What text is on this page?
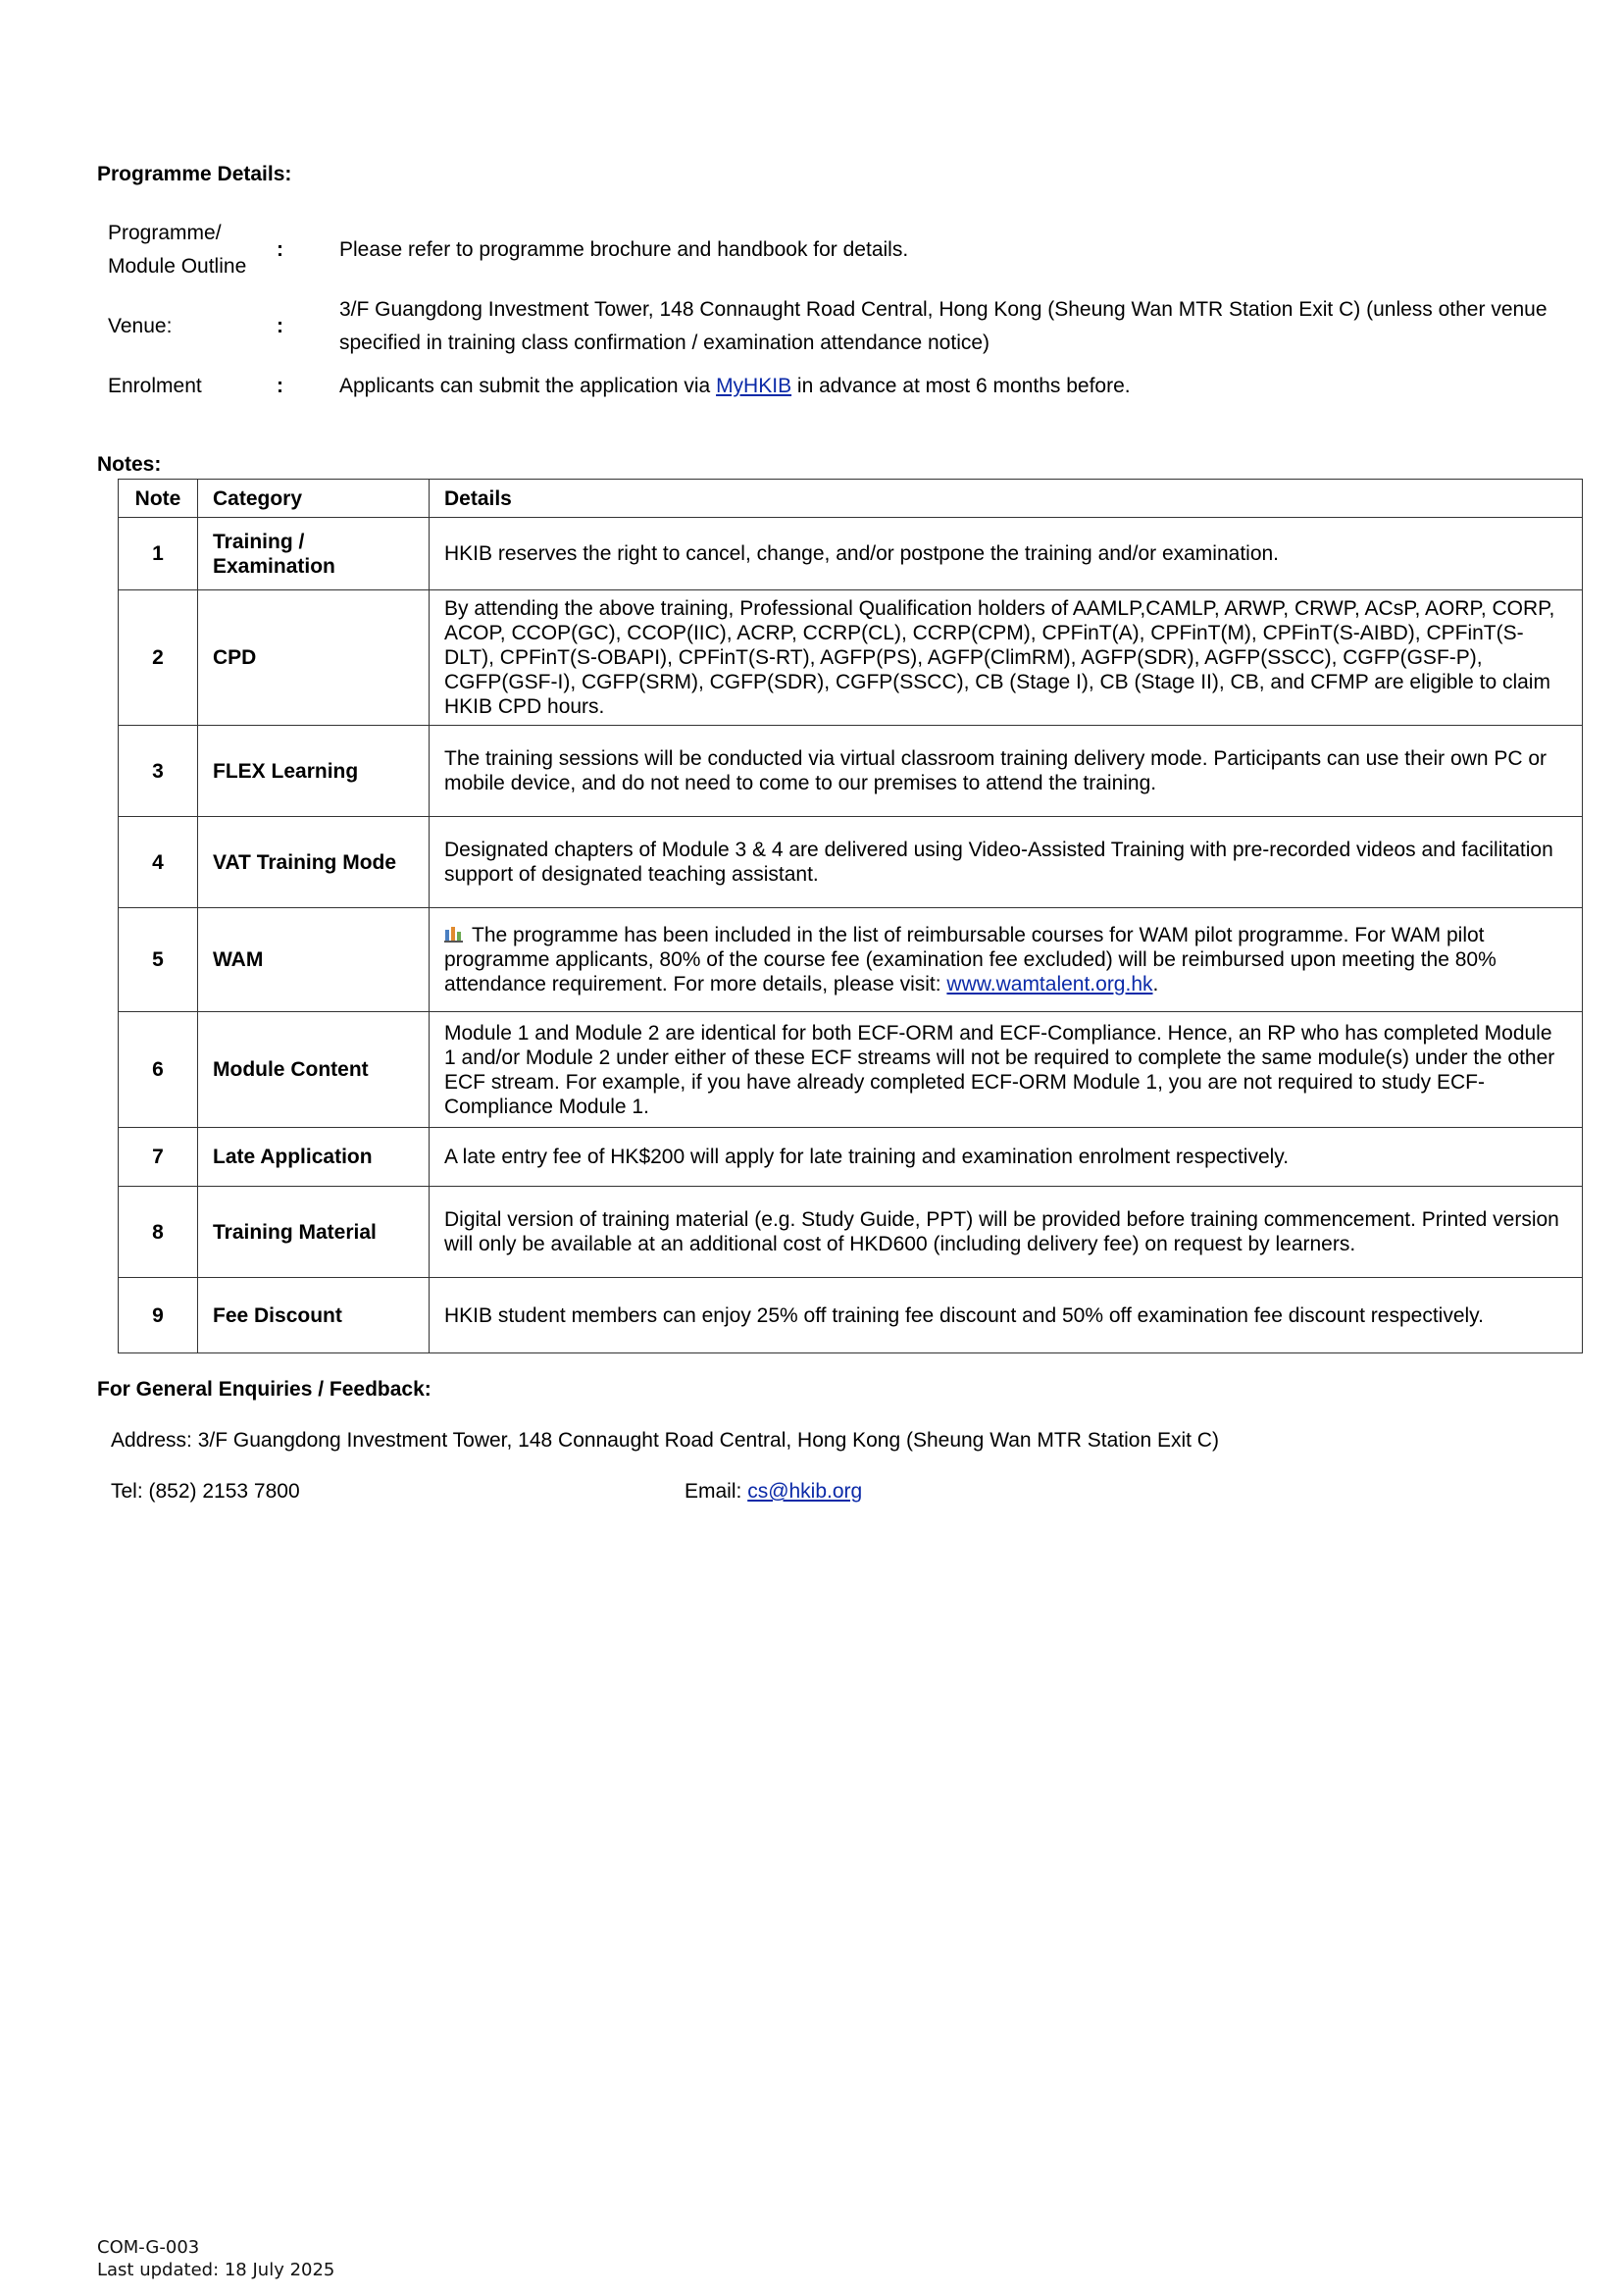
Programme Details:
Programme/ Module Outline	:	Please refer to programme brochure and handbook for details.
Venue:	:	3/F Guangdong Investment Tower, 148 Connaught Road Central, Hong Kong (Sheung Wan MTR Station Exit C) (unless other venue specified in training class confirmation / examination attendance notice)
Enrolment	:	Applicants can submit the application via MyHKIB in advance at most 6 months before.
Notes:
Note	Category	Details
1	Training / Examination	HKIB reserves the right to cancel, change, and/or postpone the training and/or examination.
2	CPD	By attending the above training, Professional Qualification holders of AAMLP,CAMLP, ARWP, CRWP, ACsP, AORP, CORP, ACOP, CCOP(GC), CCOP(IIC), ACRP, CCRP(CL), CCRP(CPM), CPFinT(A), CPFinT(M), CPFinT(S-AIBD), CPFinT(S-DLT), CPFinT(S-OBAPI), CPFinT(S-RT), AGFP(PS), AGFP(ClimRM), AGFP(SDR), AGFP(SSCC), CGFP(GSF-P), CGFP(GSF-I), CGFP(SRM), CGFP(SDR), CGFP(SSCC), CB (Stage I), CB (Stage II), CB, and CFMP are eligible to claim HKIB CPD hours.
3	FLEX Learning	The training sessions will be conducted via virtual classroom training delivery mode. Participants can use their own PC or mobile device, and do not need to come to our premises to attend the training.
4	VAT Training Mode	Designated chapters of Module 3 & 4 are delivered using Video-Assisted Training with pre-recorded videos and facilitation support of designated teaching assistant.
5	WAM	The programme has been included in the list of reimbursable courses for WAM pilot programme. For WAM pilot programme applicants, 80% of the course fee (examination fee excluded) will be reimbursed upon meeting the 80% attendance requirement. For more details, please visit: www.wamtalent.org.hk.
6	Module Content	Module 1 and Module 2 are identical for both ECF-ORM and ECF-Compliance. Hence, an RP who has completed Module 1 and/or Module 2 under either of these ECF streams will not be required to complete the same module(s) under the other ECF stream. For example, if you have already completed ECF-ORM Module 1, you are not required to study ECF-Compliance Module 1.
7	Late Application	A late entry fee of HK$200 will apply for late training and examination enrolment respectively.
8	Training Material	Digital version of training material (e.g. Study Guide, PPT) will be provided before training commencement. Printed version will only be available at an additional cost of HKD600 (including delivery fee) on request by learners.
9	Fee Discount	HKIB student members can enjoy 25% off training fee discount and 50% off examination fee discount respectively.
For General Enquiries / Feedback:
Address: 3/F Guangdong Investment Tower, 148 Connaught Road Central, Hong Kong (Sheung Wan MTR Station Exit C)
Tel: (852) 2153 7800	Email: cs@hkib.org
COM-G-003
Last updated: 18 July 2025
